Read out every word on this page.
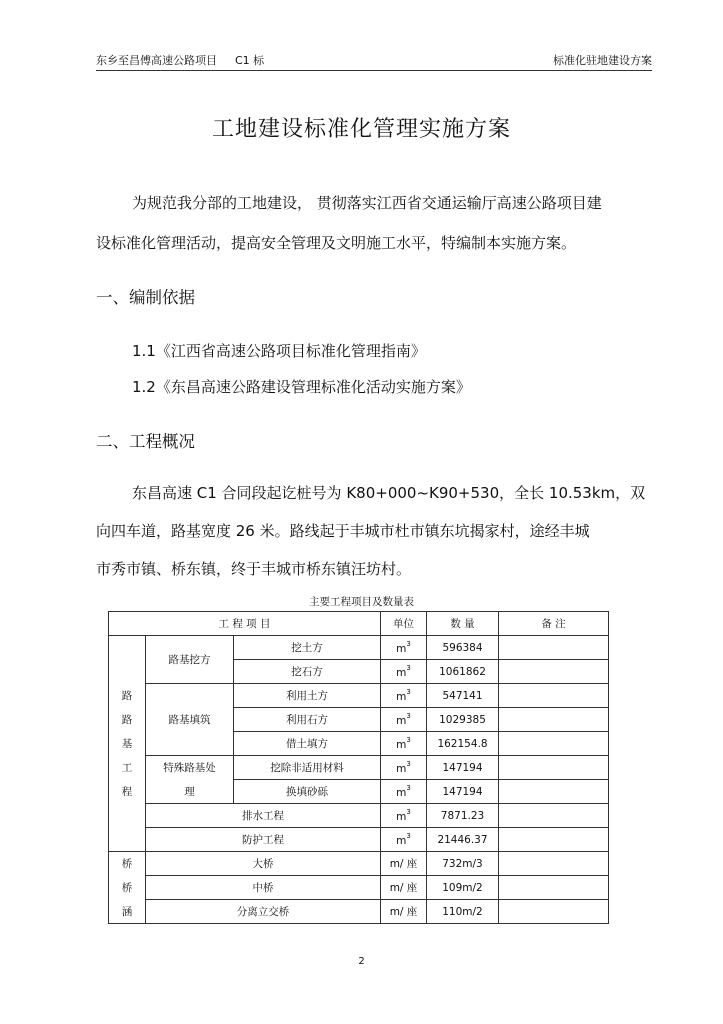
东乡至昌傅高速公路项目 C1 标	标准化驻地建设方案
工地建设标准化管理实施方案
为规范我分部的工地建设， 贯彻落实江西省交通运输厅高速公路项目建
设标准化管理活动，提高安全管理及文明施工水平，特编制本实施方案。
一、编制依据
1.1《江西省高速公路项目标准化管理指南》
1.2《东昌高速公路建设管理标准化活动实施方案》
二、工程概况
东昌高速 C1 合同段起讫桩号为 K80+000~K90+530，全长 10.53km，双
向四车道，路基宽度 26 米。路线起于丰城市杜市镇东坑揭家村，途经丰城
市秀市镇、桥东镇，终于丰城市桥东镇汪坊村。
主要工程项目及数量表
工 程 项 目			单位	数 量	备 注
	路基挖方	挖土方	$m^3$	596384	
		挖石方	$m^3$	1061862	
路	路基填筑	利用土方	$m^3$	547141	
路		利用石方	$m^3$	1029385	
基		借土填方	$m^3$	162154.8	
工	特殊路基处	挖除非适用材料	$m^3$	147194	
程	理	换填砂砾	$m^3$	147194	
	排水工程		$m^3$	7871.23	
	防护工程		$m^3$	21446.37	
桥	大桥		m/ 座	732m/3	
桥	中桥		m/ 座	109m/2	
涵	分离立交桥		m/ 座	110m/2	
2
